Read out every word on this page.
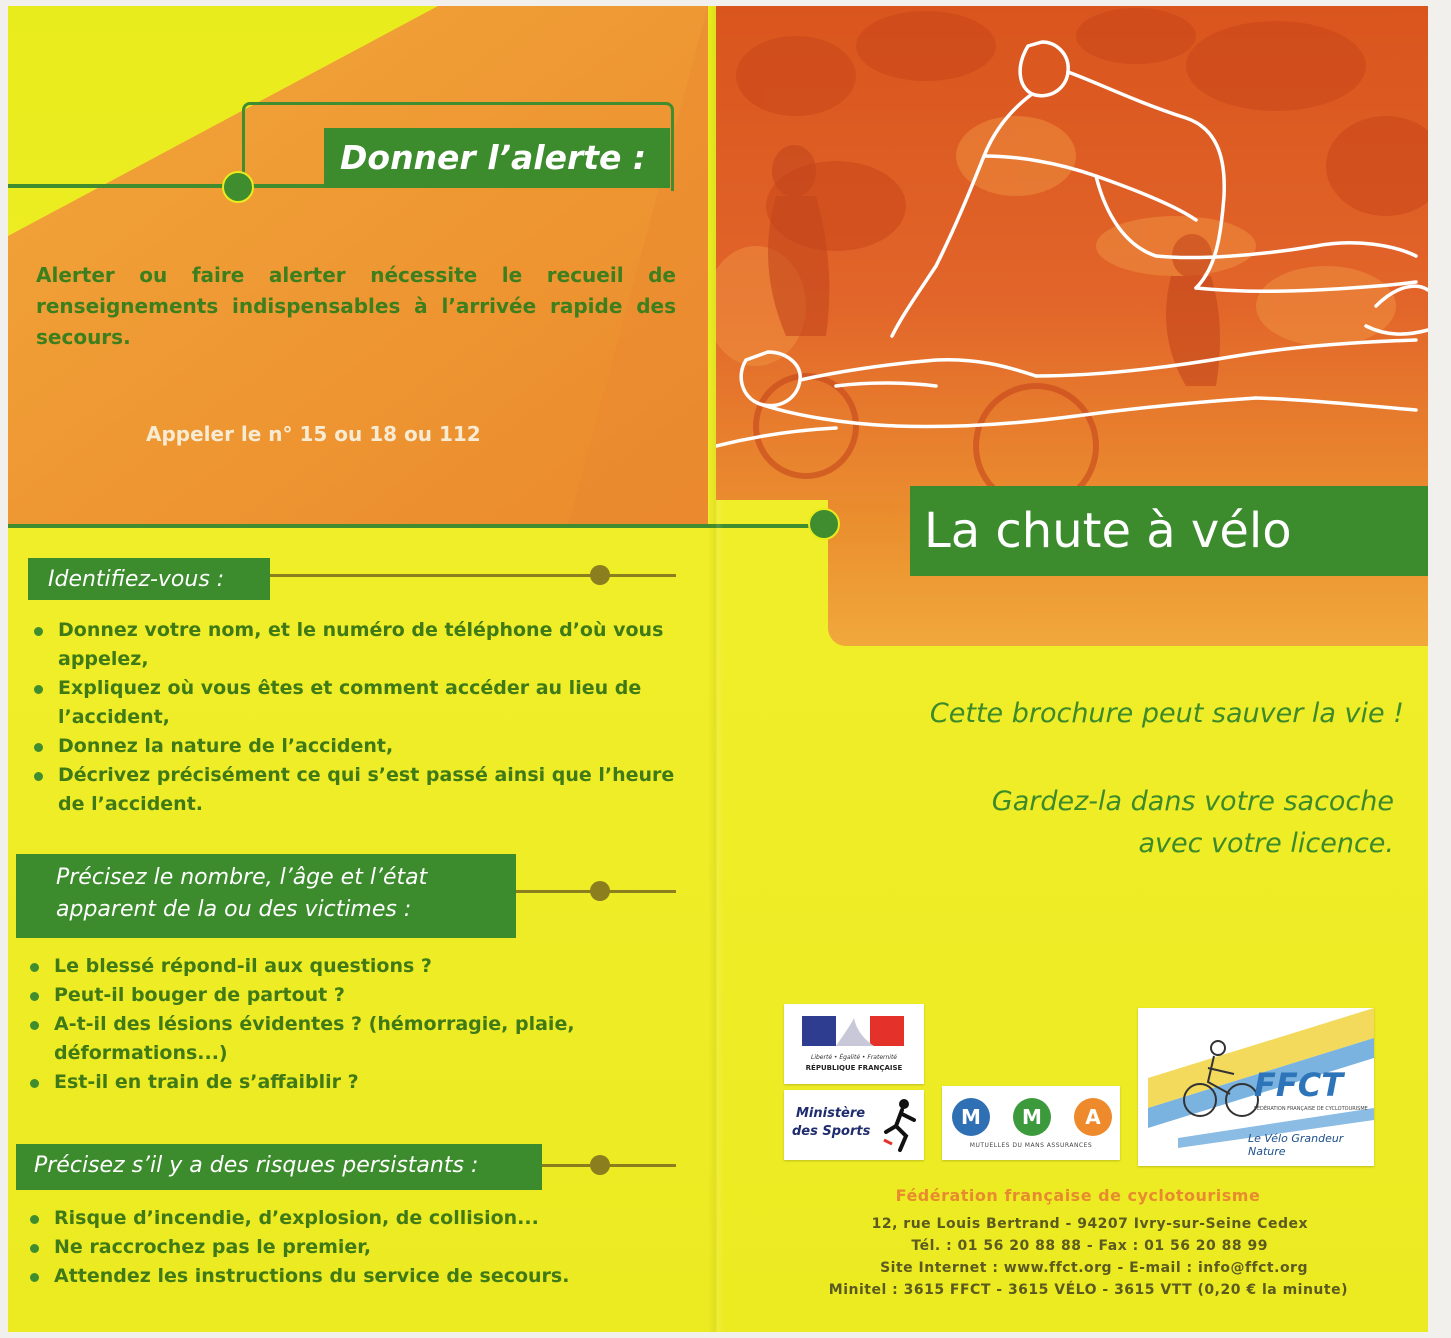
Donner l’alerte :
Alerter ou faire alerter nécessite le recueil de renseignements indispensables à l’arrivée rapide des secours.
Appeler le n° 15 ou 18 ou 112
Identifiez-vous :
Donnez votre nom, et le numéro de téléphone d’où vous appelez,
Expliquez où vous êtes et comment accéder au lieu de l’accident,
Donnez la nature de l’accident,
Décrivez précisément ce qui s’est passé ainsi que l’heure de l’accident.
Précisez le nombre, l’âge et l’état
apparent de la ou des victimes :
Le blessé répond-il aux questions ?
Peut-il bouger de partout ?
A-t-il des lésions évidentes ? (hémorragie, plaie, déformations...)
Est-il en train de s’affaiblir ?
Précisez s’il y a des risques persistants :
Risque d’incendie, d’explosion, de collision...
Ne raccrochez pas le premier,
Attendez les instructions du service de secours.
La chute à vélo
Cette brochure peut sauver la vie !
Gardez-la dans votre sacoche
avec votre licence.
Liberté • Égalité • Fraternité
RÉPUBLIQUE FRANÇAISE
Ministère
des Sports
M	M	A
MUTUELLES DU MANS ASSURANCES
FFCT
FÉDÉRATION FRANÇAISE DE CYCLOTOURISME
Le Vélo Grandeur Nature
Fédération française de cyclotourisme
12, rue Louis Bertrand - 94207 Ivry-sur-Seine Cedex
Tél. : 01 56 20 88 88 - Fax : 01 56 20 88 99
Site Internet : www.ffct.org - E-mail : info@ffct.org
Minitel : 3615 FFCT - 3615 VÉLO - 3615 VTT (0,20 € la minute)
